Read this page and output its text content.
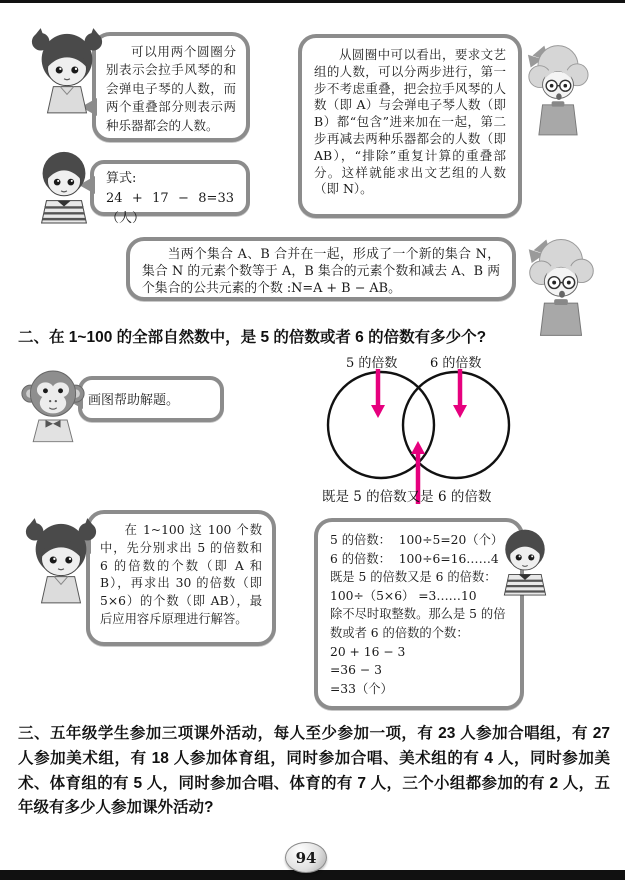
可以用两个圆圈分别表示会拉手风琴的和会弹电子琴的人数，而两个重叠部分则表示两种乐器都会的人数。
算式:
24 + 17 − 8=33（人）
从圆圈中可以看出，要求文艺组的人数，可以分两步进行，第一步不考虑重叠，把会拉手风琴的人数（即 A）与会弹电子琴人数（即 B）都“包含”进来加在一起，第二步再减去两种乐器都会的人数（即 AB），“排除”重复计算的重叠部分。这样就能求出文艺组的人数（即 N）。
当两个集合 A、B 合并在一起，形成了一个新的集合 N，集合 N 的元素个数等于 A，B 集合的元素个数和减去 A、B 两个集合的公共元素的个数 :N=A + B − AB。
二、在 1~100 的全部自然数中，是 5 的倍数或者 6 的倍数有多少个?
画图帮助解题。
5 的倍数	6 的倍数
既是 5 的倍数又是 6 的倍数
在 1~100 这 100 个数中，先分别求出 5 的倍数和 6 的倍数的个数（即 A 和 B），再求出 30 的倍数（即 5×6）的个数（即 AB），最后应用容斥原理进行解答。
5 的倍数：  100÷5=20（个）
6 的倍数：  100÷6=16……4
既是 5 的倍数又是 6 的倍数：
100÷（5×6） =3……10
除不尽时取整数。那么是 5 的倍
数或者 6 的倍数的个数：
20 + 16 − 3
=36 − 3
=33（个）
三、五年级学生参加三项课外活动，每人至少参加一项，有 23 人参加合唱组，有 27 人参加美术组，有 18 人参加体育组，同时参加合唱、美术组的有 4 人，同时参加美术、体育组的有 5 人，同时参加合唱、体育的有 7 人，三个小组都参加的有 2 人，五年级有多少人参加课外活动?
94
